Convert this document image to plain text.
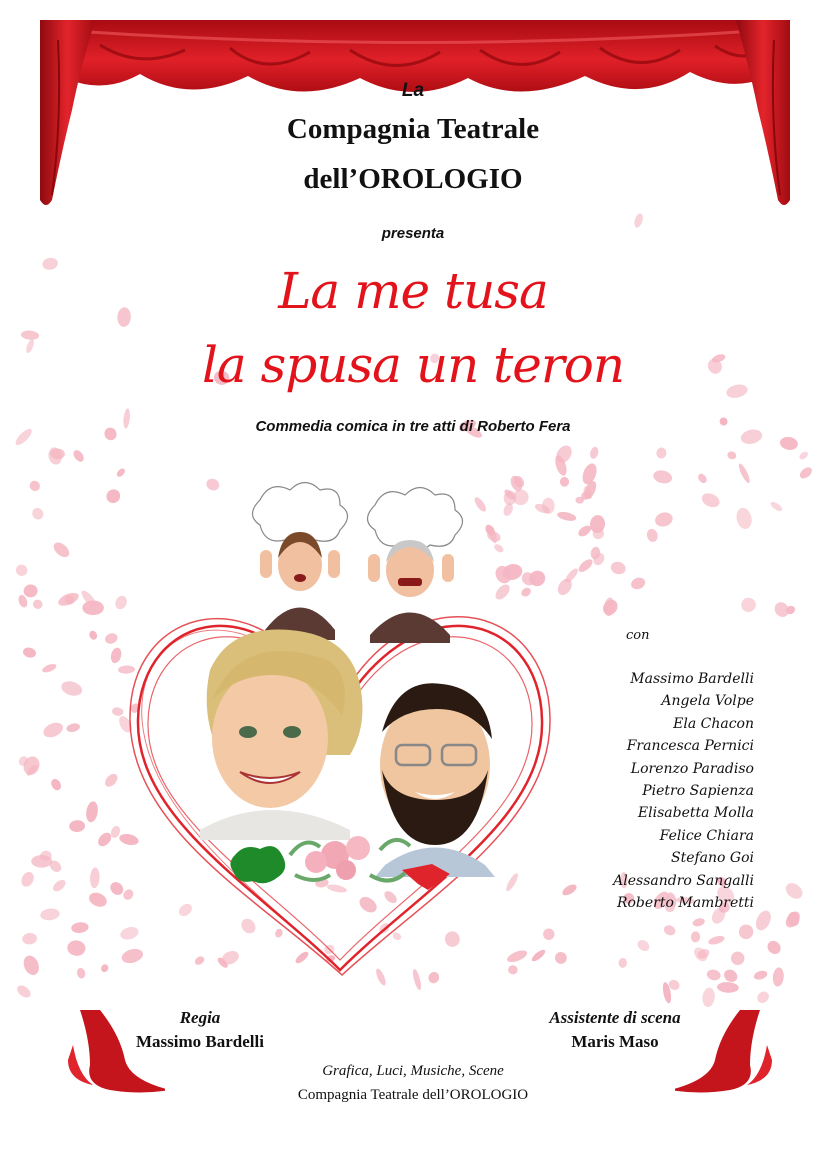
La
Compagnia Teatrale
dell’OROLOGIO
presenta
La me tusa
la spusa un teron
Commedia comica in tre atti di Roberto Fera
con
Massimo Bardelli
Angela Volpe
Ela Chacon
Francesca Pernici
Lorenzo Paradiso
Pietro Sapienza
Elisabetta Molla
Felice Chiara
Stefano Goi
Alessandro Sangalli
Roberto Mambretti
Regia
Massimo Bardelli
Assistente di scena
Maris Maso
Grafica, Luci, Musiche, Scene
Compagnia Teatrale dell’OROLOGIO
